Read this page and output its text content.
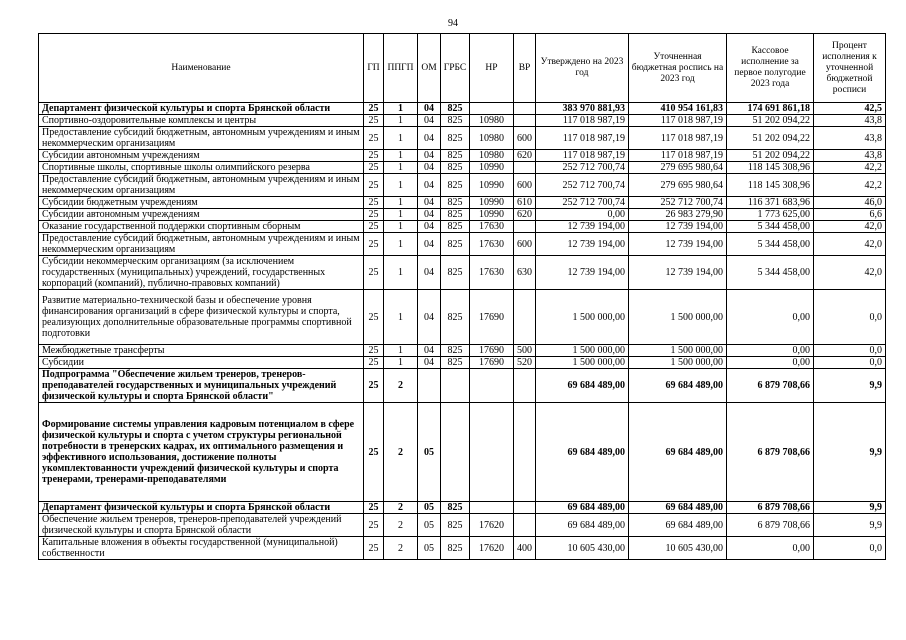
94
Наименование	ГП	ППГП	ОМ	ГРБС	НР	ВР	Утверждено на 2023 год	Уточненная бюджетная роспись на 2023 год	Кассовое исполнение за первое полугодие 2023 года	Процент исполнения к уточненной бюджетной росписи
Департамент физической культуры и спорта Брянской области	25	1	04	825			383 970 881,93	410 954 161,83	174 691 861,18	42,5
Спортивно-оздоровительные комплексы и центры	25	1	04	825	10980		117 018 987,19	117 018 987,19	51 202 094,22	43,8
Предоставление субсидий бюджетным, автономным учреждениям и иным некоммерческим организациям	25	1	04	825	10980	600	117 018 987,19	117 018 987,19	51 202 094,22	43,8
Субсидии автономным учреждениям	25	1	04	825	10980	620	117 018 987,19	117 018 987,19	51 202 094,22	43,8
Спортивные школы, спортивные школы олимпийского резерва	25	1	04	825	10990		252 712 700,74	279 695 980,64	118 145 308,96	42,2
Предоставление субсидий бюджетным, автономным учреждениям и иным некоммерческим организациям	25	1	04	825	10990	600	252 712 700,74	279 695 980,64	118 145 308,96	42,2
Субсидии бюджетным учреждениям	25	1	04	825	10990	610	252 712 700,74	252 712 700,74	116 371 683,96	46,0
Субсидии автономным учреждениям	25	1	04	825	10990	620	0,00	26 983 279,90	1 773 625,00	6,6
Оказание государственной поддержки спортивным сборным	25	1	04	825	17630		12 739 194,00	12 739 194,00	5 344 458,00	42,0
Предоставление субсидий бюджетным, автономным учреждениям и иным некоммерческим организациям	25	1	04	825	17630	600	12 739 194,00	12 739 194,00	5 344 458,00	42,0
Субсидии некоммерческим организациям (за исключением государственных (муниципальных) учреждений, государственных корпораций (компаний), публично-правовых компаний)	25	1	04	825	17630	630	12 739 194,00	12 739 194,00	5 344 458,00	42,0
Развитие материально-технической базы и обеспечение уровня финансирования организаций в сфере физической культуры и спорта, реализующих дополнительные образовательные программы спортивной подготовки	25	1	04	825	17690		1 500 000,00	1 500 000,00	0,00	0,0
Межбюджетные трансферты	25	1	04	825	17690	500	1 500 000,00	1 500 000,00	0,00	0,0
Субсидии	25	1	04	825	17690	520	1 500 000,00	1 500 000,00	0,00	0,0
Подпрограмма "Обеспечение жильем тренеров, тренеров-преподавателей государственных и муниципальных учреждений физической культуры и спорта Брянской области"	25	2					69 684 489,00	69 684 489,00	6 879 708,66	9,9
Формирование системы управления кадровым потенциалом в сфере физической культуры и спорта с учетом структуры региональной потребности в тренерских кадрах, их оптимального размещения и эффективного использования, достижение полноты укомплектованности учреждений физической культуры и спорта тренерами, тренерами-преподавателями	25	2	05				69 684 489,00	69 684 489,00	6 879 708,66	9,9
Департамент физической культуры и спорта Брянской области	25	2	05	825			69 684 489,00	69 684 489,00	6 879 708,66	9,9
Обеспечение жильем тренеров, тренеров-преподавателей учреждений физической культуры и спорта Брянской области	25	2	05	825	17620		69 684 489,00	69 684 489,00	6 879 708,66	9,9
Капитальные вложения в объекты государственной (муниципальной) собственности	25	2	05	825	17620	400	10 605 430,00	10 605 430,00	0,00	0,0
